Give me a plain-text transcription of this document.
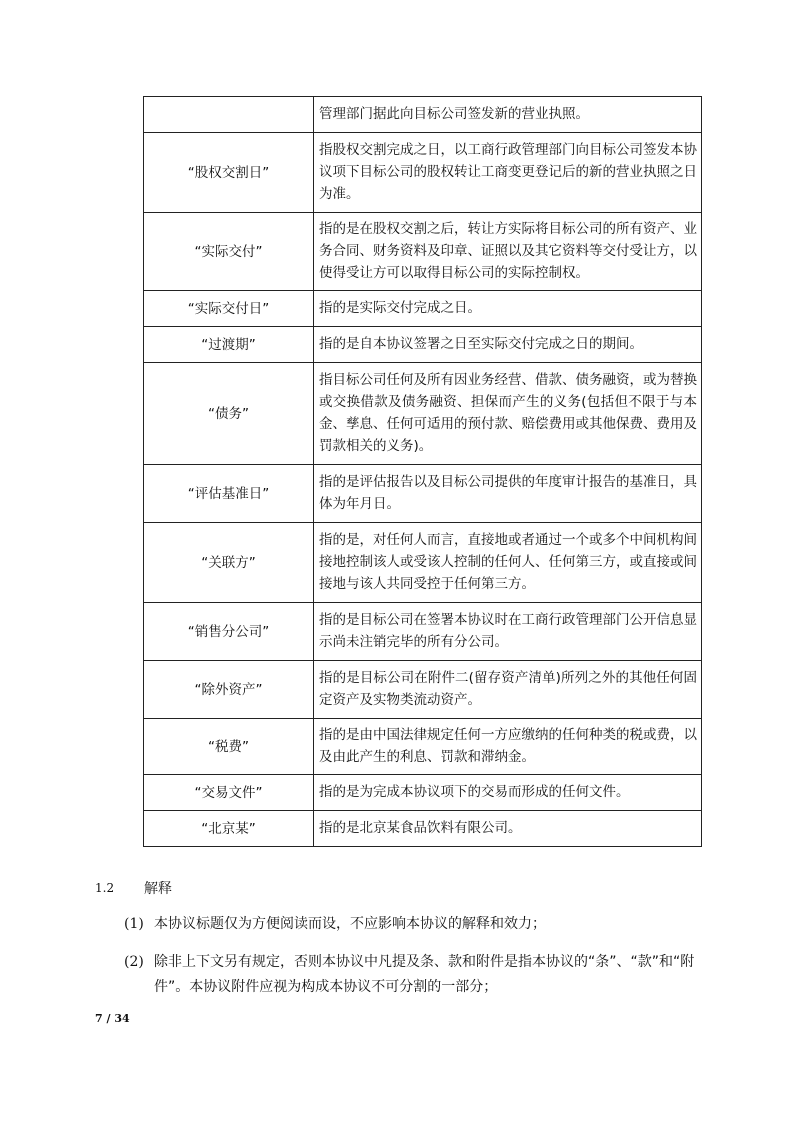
	管理部门据此向目标公司签发新的营业执照。
“股权交割日”	指股权交割完成之日，以工商行政管理部门向目标公司签发本协议项下目标公司的股权转让工商变更登记后的新的营业执照之日为准。
“实际交付”	指的是在股权交割之后，转让方实际将目标公司的所有资产、业务合同、财务资料及印章、证照以及其它资料等交付受让方，以使得受让方可以取得目标公司的实际控制权。
“实际交付日”	指的是实际交付完成之日。
“过渡期”	指的是自本协议签署之日至实际交付完成之日的期间。
“债务”	指目标公司任何及所有因业务经营、借款、债务融资，或为替换或交换借款及债务融资、担保而产生的义务(包括但不限于与本金、孳息、任何可适用的预付款、赔偿费用或其他保费、费用及罚款相关的义务)。
“评估基准日”	指的是评估报告以及目标公司提供的年度审计报告的基准日，具体为年月日。
“关联方”	指的是，对任何人而言，直接地或者通过一个或多个中间机构间接地控制该人或受该人控制的任何人、任何第三方，或直接或间接地与该人共同受控于任何第三方。
“销售分公司”	指的是目标公司在签署本协议时在工商行政管理部门公开信息显示尚未注销完毕的所有分公司。
“除外资产”	指的是目标公司在附件二(留存资产清单)所列之外的其他任何固定资产及实物类流动资产。
“税费”	指的是由中国法律规定任何一方应缴纳的任何种类的税或费，以及由此产生的利息、罚款和滞纳金。
“交易文件”	指的是为完成本协议项下的交易而形成的任何文件。
“北京某”	指的是北京某食品饮料有限公司。
1.2 解释
(1) 本协议标题仅为方便阅读而设，不应影响本协议的解释和效力；
(2) 除非上下文另有规定，否则本协议中凡提及条、款和附件是指本协议的“条”、“款”和“附件”。本协议附件应视为构成本协议不可分割的一部分；
7 / 34
